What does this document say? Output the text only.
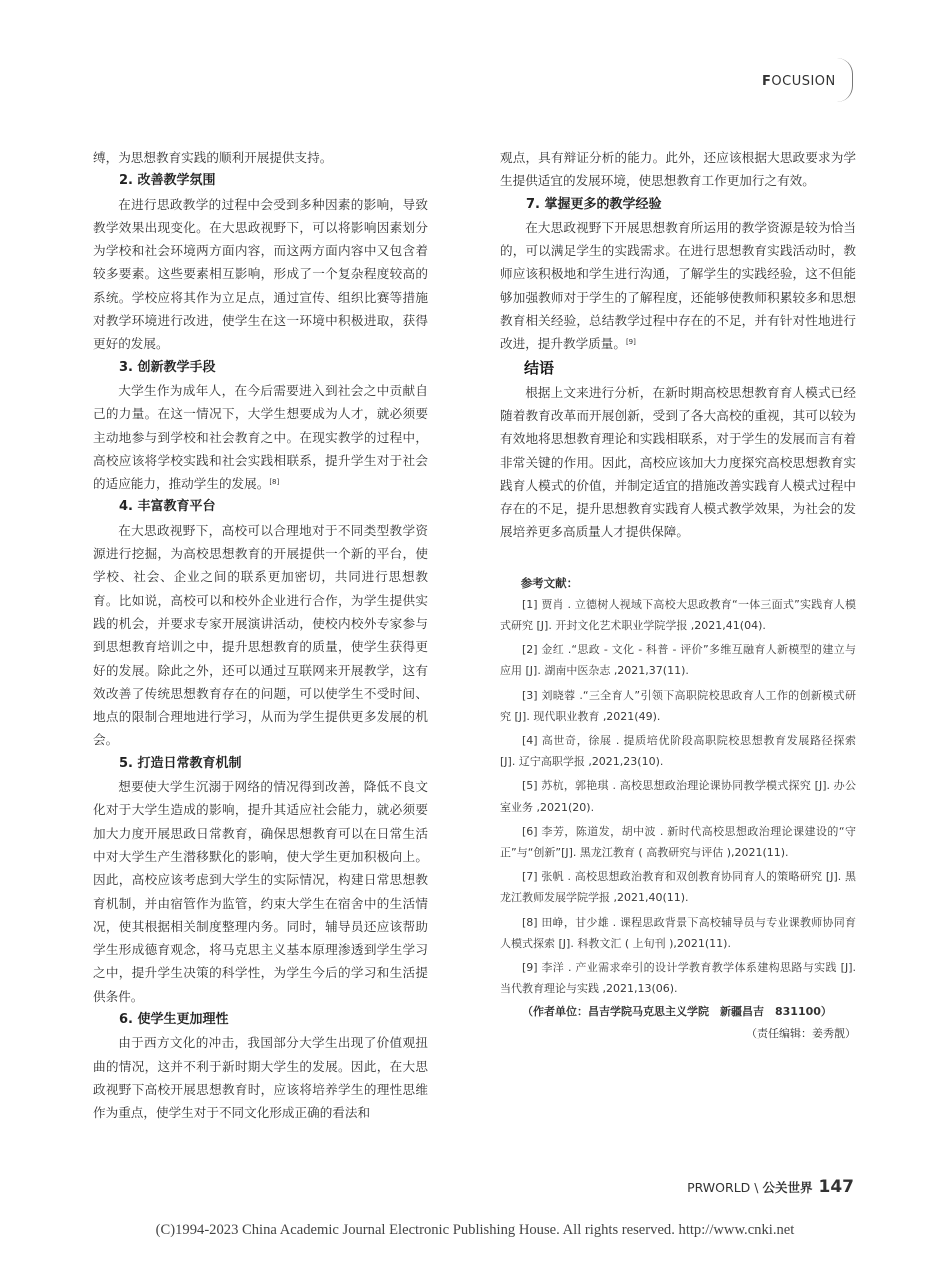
FOCUSION

缚，为思想教育实践的顺利开展提供支持。

2. 改善教学氛围

在进行思政教学的过程中会受到多种因素的影响，导致教学效果出现变化。在大思政视野下，可以将影响因素划分为学校和社会环境两方面内容，而这两方面内容中又包含着较多要素。这些要素相互影响，形成了一个复杂程度较高的系统。学校应将其作为立足点，通过宣传、组织比赛等措施对教学环境进行改进，使学生在这一环境中积极进取，获得更好的发展。

3. 创新教学手段

大学生作为成年人，在今后需要进入到社会之中贡献自己的力量。在这一情况下，大学生想要成为人才，就必须要主动地参与到学校和社会教育之中。在现实教学的过程中，高校应该将学校实践和社会实践相联系，提升学生对于社会的适应能力，推动学生的发展。[8]

4. 丰富教育平台

在大思政视野下，高校可以合理地对于不同类型教学资源进行挖掘，为高校思想教育的开展提供一个新的平台，使学校、社会、企业之间的联系更加密切，共同进行思想教育。比如说，高校可以和校外企业进行合作，为学生提供实践的机会，并要求专家开展演讲活动，使校内校外专家参与到思想教育培训之中，提升思想教育的质量，使学生获得更好的发展。除此之外，还可以通过互联网来开展教学，这有效改善了传统思想教育存在的问题，可以使学生不受时间、地点的限制合理地进行学习，从而为学生提供更多发展的机会。

5. 打造日常教育机制

想要使大学生沉溺于网络的情况得到改善，降低不良文化对于大学生造成的影响，提升其适应社会能力，就必须要加大力度开展思政日常教育，确保思想教育可以在日常生活中对大学生产生潜移默化的影响，使大学生更加积极向上。因此，高校应该考虑到大学生的实际情况，构建日常思想教育机制，并由宿管作为监管，约束大学生在宿舍中的生活情况，使其根据相关制度整理内务。同时，辅导员还应该帮助学生形成德育观念，将马克思主义基本原理渗透到学生学习之中，提升学生决策的科学性，为学生今后的学习和生活提供条件。

6. 使学生更加理性

由于西方文化的冲击，我国部分大学生出现了价值观扭曲的情况，这并不利于新时期大学生的发展。因此，在大思政视野下高校开展思想教育时，应该将培养学生的理性思维作为重点，使学生对于不同文化形成正确的看法和

观点，具有辩证分析的能力。此外，还应该根据大思政要求为学生提供适宜的发展环境，使思想教育工作更加行之有效。

7. 掌握更多的教学经验

在大思政视野下开展思想教育所运用的教学资源是较为恰当的，可以满足学生的实践需求。在进行思想教育实践活动时，教师应该积极地和学生进行沟通，了解学生的实践经验，这不但能够加强教师对于学生的了解程度，还能够使教师积累较多和思想教育相关经验，总结教学过程中存在的不足，并有针对性地进行改进，提升教学质量。[9]

结语

根据上文来进行分析，在新时期高校思想教育育人模式已经随着教育改革而开展创新，受到了各大高校的重视，其可以较为有效地将思想教育理论和实践相联系，对于学生的发展而言有着非常关键的作用。因此，高校应该加大力度探究高校思想教育实践育人模式的价值，并制定适宜的措施改善实践育人模式过程中存在的不足，提升思想教育实践育人模式教学效果，为社会的发展培养更多高质量人才提供保障。

参考文献：

[1] 贾肖 . 立德树人视域下高校大思政教育“一体三面式”实践育人模式研究 [J]. 开封文化艺术职业学院学报 ,2021,41(04).

[2] 金红 .“思政 - 文化 - 科普 - 评价”多维互融育人新模型的建立与应用 [J]. 湖南中医杂志 ,2021,37(11).

[3] 刘晓蓉 .“三全育人”引领下高职院校思政育人工作的创新模式研究 [J]. 现代职业教育 ,2021(49).

[4] 高世奇，徐展 . 提质培优阶段高职院校思想教育发展路径探索 [J]. 辽宁高职学报 ,2021,23(10).

[5] 苏杭，郭艳琪 . 高校思想政治理论课协同教学模式探究 [J]. 办公室业务 ,2021(20).

[6] 李芳，陈道发，胡中波 . 新时代高校思想政治理论课建设的“守正”与“创新”[J]. 黑龙江教育 ( 高教研究与评估 ),2021(11).

[7] 张帆 . 高校思想政治教育和双创教育协同育人的策略研究 [J]. 黑龙江教师发展学院学报 ,2021,40(11).

[8] 田峥，甘少雄 . 课程思政背景下高校辅导员与专业课教师协同育人模式探索 [J]. 科教文汇 ( 上旬刊 ),2021(11).

[9] 李洋 . 产业需求牵引的设计学教育教学体系建构思路与实践 [J]. 当代教育理论与实践 ,2021,13(06).

（作者单位：昌吉学院马克思主义学院　新疆昌吉　831100）
（责任编辑：姜秀靓）
PRWORLD \ 公关世界 147
(C)1994-2023 China Academic Journal Electronic Publishing House. All rights reserved. http://www.cnki.net
